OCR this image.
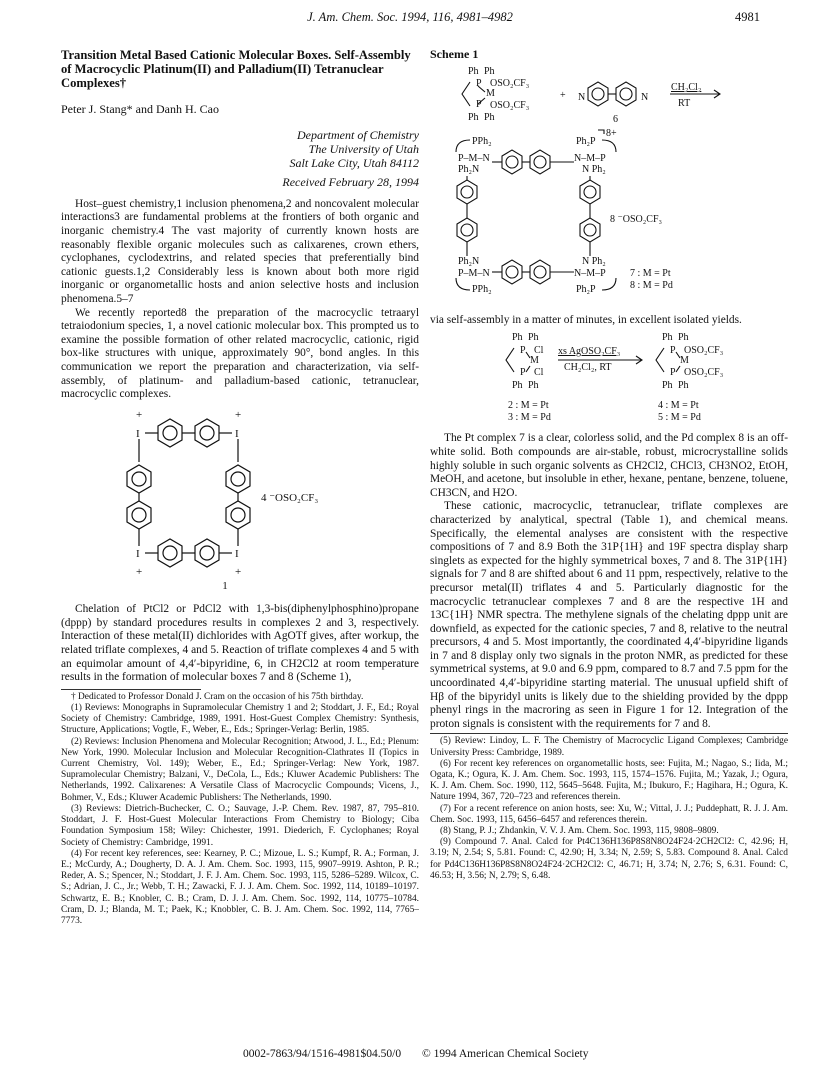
J. Am. Chem. Soc. 1994, 116, 4981–4982	4981
Transition Metal Based Cationic Molecular Boxes. Self-Assembly of Macrocyclic Platinum(II) and Palladium(II) Tetranuclear Complexes†
Peter J. Stang* and Danh H. Cao
Department of Chemistry
The University of Utah
Salt Lake City, Utah 84112
Received February 28, 1994

Host–guest chemistry,1 inclusion phenomena,2 and noncovalent molecular interactions3 are fundamental problems at the frontiers of both organic and inorganic chemistry.4 The vast majority of currently known hosts are reasonably flexible organic molecules such as calixarenes, crown ethers, cyclophanes, cyclodextrins, and related species that preferentially bind cationic guests.1,2 Considerably less is known about both more rigid inorganic or organometallic hosts and anion selective hosts and inclusion phenomena.5–7

We recently reported8 the preparation of the macrocyclic tetraaryl tetraiodonium species, 1, a novel cationic molecular box. This prompted us to examine the possible formation of other related macrocyclic, cationic, rigid box-like structures with unique, approximately 90°, bond angles. In this communication we report the preparation and characterization, via self-assembly, of platinum- and palladium-based cationic, tetranuclear, macrocyclic complexes.

+	+
I	I
I	I
+	+
4 ⁻OSO₂CF₃
1

Chelation of PtCl2 or PdCl2 with 1,3-bis(diphenylphosphino)propane (dppp) by standard procedures results in complexes 2 and 3, respectively. Interaction of these metal(II) dichlorides with AgOTf gives, after workup, the related triflate complexes, 4 and 5. Reaction of triflate complexes 4 and 5 with an equimolar amount of 4,4′-bipyridine, 6, in CH2Cl2 at room temperature results in the formation of molecular boxes 7 and 8 (Scheme 1),

† Dedicated to Professor Donald J. Cram on the occasion of his 75th birthday.

(1) Reviews: Monographs in Supramolecular Chemistry 1 and 2; Stoddart, J. F., Ed.; Royal Society of Chemistry: Cambridge, 1989, 1991. Host-Guest Complex Chemistry: Synthesis, Structure, Applications; Vogtle, F., Weber, E., Eds.; Springer-Verlag: Berlin, 1985.

(2) Reviews: Inclusion Phenomena and Molecular Recognition; Atwood, J. L., Ed.; Plenum: New York, 1990. Molecular Inclusion and Molecular Recognition-Clathrates II (Topics in Current Chemistry, Vol. 149); Weber, E., Ed.; Springer-Verlag: New York, 1987. Supramolecular Chemistry; Balzani, V., DeCola, L., Eds.; Kluwer Academic Publishers: The Netherlands, 1992. Calixarenes: A Versatile Class of Macrocyclic Compounds; Vicens, J., Bohmer, V., Eds.; Kluwer Academic Publishers: The Netherlands, 1990.

(3) Reviews: Dietrich-Buchecker, C. O.; Sauvage, J.-P. Chem. Rev. 1987, 87, 795–810. Stoddart, J. F. Host-Guest Molecular Interactions From Chemistry to Biology; Ciba Foundation Symposium 158; Wiley: Chichester, 1991. Diederich, F. Cyclophanes; Royal Society of Chemistry: Cambridge, 1991.

(4) For recent key references, see: Kearney, P. C.; Mizoue, L. S.; Kumpf, R. A.; Forman, J. E.; McCurdy, A.; Dougherty, D. A. J. Am. Chem. Soc. 1993, 115, 9907–9919. Ashton, P. R.; Reder, A. S.; Spencer, N.; Stoddart, J. F. J. Am. Chem. Soc. 1993, 115, 5286–5289. Wilcox, C. S.; Adrian, J. C., Jr.; Webb, T. H.; Zawacki, F. J. J. Am. Chem. Soc. 1992, 114, 10189–10197. Schwartz, E. B.; Knobler, C. B.; Cram, D. J. J. Am. Chem. Soc. 1992, 114, 10775–10784. Cram, D. J.; Blanda, M. T.; Paek, K.; Knobbler, C. B. J. Am. Chem. Soc. 1992, 114, 7765–7773.

Scheme 1
Ph Ph
P OSO₂CF₃
M
P OSO₂CF₃
Ph Ph
+ N	N
6
CH₂Cl₂
RT
PPh₂	Ph₂P
8+
P–M–N	N–M–P
Ph₂N	N Ph₂
8 ⁻OSO₂CF₃
Ph₂N	N Ph₂
P–M–N	N–M–P
PPh₂	Ph₂P
7 : M = Pt
8 : M = Pd

via self-assembly in a matter of minutes, in excellent isolated yields.

Ph Ph
P Cl
M
P Cl
Ph Ph
2 : M = Pt
3 : M = Pd
xs AgOSO₂CF₃
CH₂Cl₂, RT
Ph Ph
P OSO₂CF₃
M
P OSO₂CF₃
Ph Ph
4 : M = Pt
5 : M = Pd

The Pt complex 7 is a clear, colorless solid, and the Pd complex 8 is an off-white solid. Both compounds are air-stable, robust, microcrystalline solids highly soluble in such organic solvents as CH2Cl2, CHCl3, CH3NO2, EtOH, MeOH, and acetone, but insoluble in ether, hexane, pentane, benzene, toluene, CH3CN, and H2O.

These cationic, macrocyclic, tetranuclear, triflate complexes are characterized by analytical, spectral (Table 1), and chemical means. Specifically, the elemental analyses are consistent with the respective compositions of 7 and 8.9 Both the 31P{1H} and 19F spectra display sharp singlets as expected for the highly symmetrical boxes, 7 and 8. The 31P{1H} signals for 7 and 8 are shifted about 6 and 11 ppm, respectively, relative to the precursor metal(II) triflates 4 and 5. Particularly diagnostic for the macrocyclic tetranuclear complexes 7 and 8 are the respective 1H and 13C{1H} NMR spectra. The methylene signals of the chelating dppp unit are downfield, as expected for the cationic species, 7 and 8, relative to the neutral precursors, 4 and 5. Most importantly, the coordinated 4,4′-bipyridine ligands in 7 and 8 display only two signals in the proton NMR, as predicted for these symmetrical systems, at 9.0 and 6.9 ppm, compared to 8.7 and 7.5 ppm for the uncoordinated 4,4′-bipyridine starting material. The unusual upfield shift of Hβ of the bipyridyl units is likely due to the shielding provided by the dppp phenyl rings in the macroring as seen in Figure 1 for 12. Integration of the proton signals is consistent with the requirements for 7 and 8.

(5) Review: Lindoy, L. F. The Chemistry of Macrocyclic Ligand Complexes; Cambridge University Press: Cambridge, 1989.

(6) For recent key references on organometallic hosts, see: Fujita, M.; Nagao, S.; Iida, M.; Ogata, K.; Ogura, K. J. Am. Chem. Soc. 1993, 115, 1574–1576. Fujita, M.; Yazak, J.; Ogura, K. J. Am. Chem. Soc. 1990, 112, 5645–5648. Fujita, M.; Ibukuro, F.; Hagihara, H.; Ogura, K. Nature 1994, 367, 720–723 and references therein.

(7) For a recent reference on anion hosts, see: Xu, W.; Vittal, J. J.; Puddephatt, R. J. J. Am. Chem. Soc. 1993, 115, 6456–6457 and references therein.

(8) Stang, P. J.; Zhdankin, V. V. J. Am. Chem. Soc. 1993, 115, 9808–9809.

(9) Compound 7. Anal. Calcd for Pt4C136H136P8S8N8O24F24·2CH2Cl2: C, 42.96; H, 3.19; N, 2.54; S, 5.81. Found: C, 42.90; H, 3.34; N, 2.59; S, 5.83. Compound 8. Anal. Calcd for Pd4C136H136P8S8N8O24F24·2CH2Cl2: C, 46.71; H, 3.74; N, 2.76; S, 6.31. Found: C, 46.53; H, 3.56; N, 2.79; S, 6.48.

0002-7863/94/1516-4981$04.50/0 © 1994 American Chemical Society
